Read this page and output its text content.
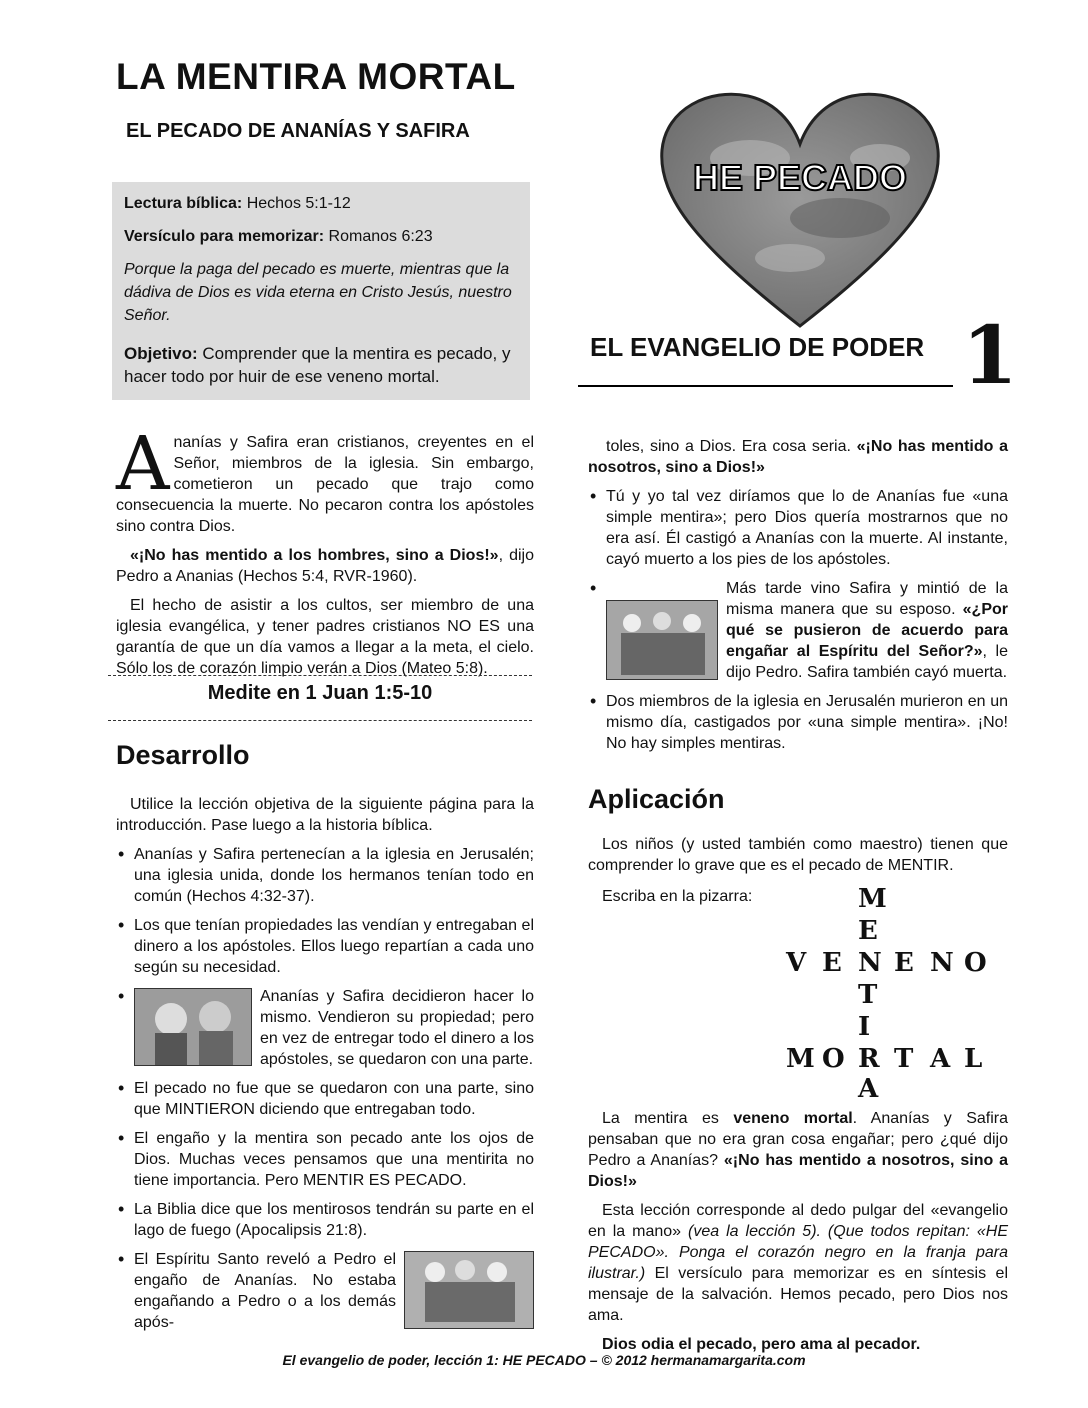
LA MENTIRA MORTAL
EL PECADO DE ANANÍAS Y SAFIRA
Lectura bíblica: Hechos 5:1-12
Versículo para memorizar: Romanos 6:23
Porque la paga del pecado es muerte, mientras que la dádiva de Dios es vida eterna en Cristo Jesús, nuestro Señor.
Objetivo: Comprender que la mentira es pecado, y hacer todo por huir de ese veneno mortal.
HE PECADO
EL EVANGELIO DE PODER 1

Ananías y Safira eran cristianos, creyentes en el Señor, miembros de la iglesia. Sin embargo, cometieron un pecado que trajo como consecuencia la muerte. No pecaron contra los apóstoles sino contra Dios.

«¡No has mentido a los hombres, sino a Dios!», dijo Pedro a Ananias (Hechos 5:4, RVR-1960).

El hecho de asistir a los cultos, ser miembro de una iglesia evangélica, y tener padres cristianos NO ES una garantía de que un día vamos a llegar a la meta, el cielo. Sólo los de corazón limpio verán a Dios (Mateo 5:8).

Medite en 1 Juan 1:5-10
Desarrollo

Utilice la lección objetiva de la siguiente página para la introducción. Pase luego a la historia bíblica.

• Ananías y Safira pertenecían a la iglesia en Jerusalén; una iglesia unida, donde los hermanos tenían todo en común (Hechos 4:32-37).
• Los que tenían propiedades las vendían y entregaban el dinero a los apóstoles. Ellos luego repartían a cada uno según su necesidad.
•	Ananías y Safira decidieron hacer lo mismo. Vendieron su propiedad; pero en vez de entregar todo el dinero a los apóstoles, se quedaron con una parte.
• El pecado no fue que se quedaron con una parte, sino que MINTIERON diciendo que entregaban todo.
• El engaño y la mentira son pecado ante los ojos de Dios. Muchas veces pensamos que una mentirita no tiene importancia. Pero MENTIR ES PECADO.
• La Biblia dice que los mentirosos tendrán su parte en el lago de fuego (Apocalipsis 21:8).
• El Espíritu Santo reveló a Pedro el engaño de Ananías. No estaba engañando a Pedro o a los demás após-

toles, sino a Dios. Era cosa seria. «¡No has mentido a nosotros, sino a Dios!»

• Tú y yo tal vez diríamos que lo de Ananías fue «una simple mentira»; pero Dios quería mostrarnos que no era así. Él castigó a Ananías con la muerte. Al instante, cayó muerto a los pies de los apóstoles.
•	Más tarde vino Safira y mintió de la misma manera que su esposo. «¿Por qué se pusieron de acuerdo para engañar al Espíritu del Señor?», le dijo Pedro. Safira también cayó muerta.
• Dos miembros de la iglesia en Jerusalén murieron en un mismo día, castigados por «una simple mentira». ¡No! No hay simples mentiras.
Aplicación

Los niños (y usted también como maestro) tienen que comprender lo grave que es el pecado de MENTIR.

Escriba en la pizarra:	M
E
V E N E N O
T
I
M O R T A L
A

La mentira es veneno mortal. Ananías y Safira pensaban que no era gran cosa engañar; pero ¿qué dijo Pedro a Ananías? «¡No has mentido a nosotros, sino a Dios!»

Esta lección corresponde al dedo pulgar del «evangelio en la mano» (vea la lección 5). (Que todos repitan: «HE PECADO». Ponga el corazón negro en la franja para ilustrar.) El versículo para memorizar es en síntesis el mensaje de la salvación. Hemos pecado, pero Dios nos ama.

Dios odia el pecado, pero ama al pecador.

El evangelio de poder, lección 1: HE PECADO – © 2012 hermanamargarita.com
